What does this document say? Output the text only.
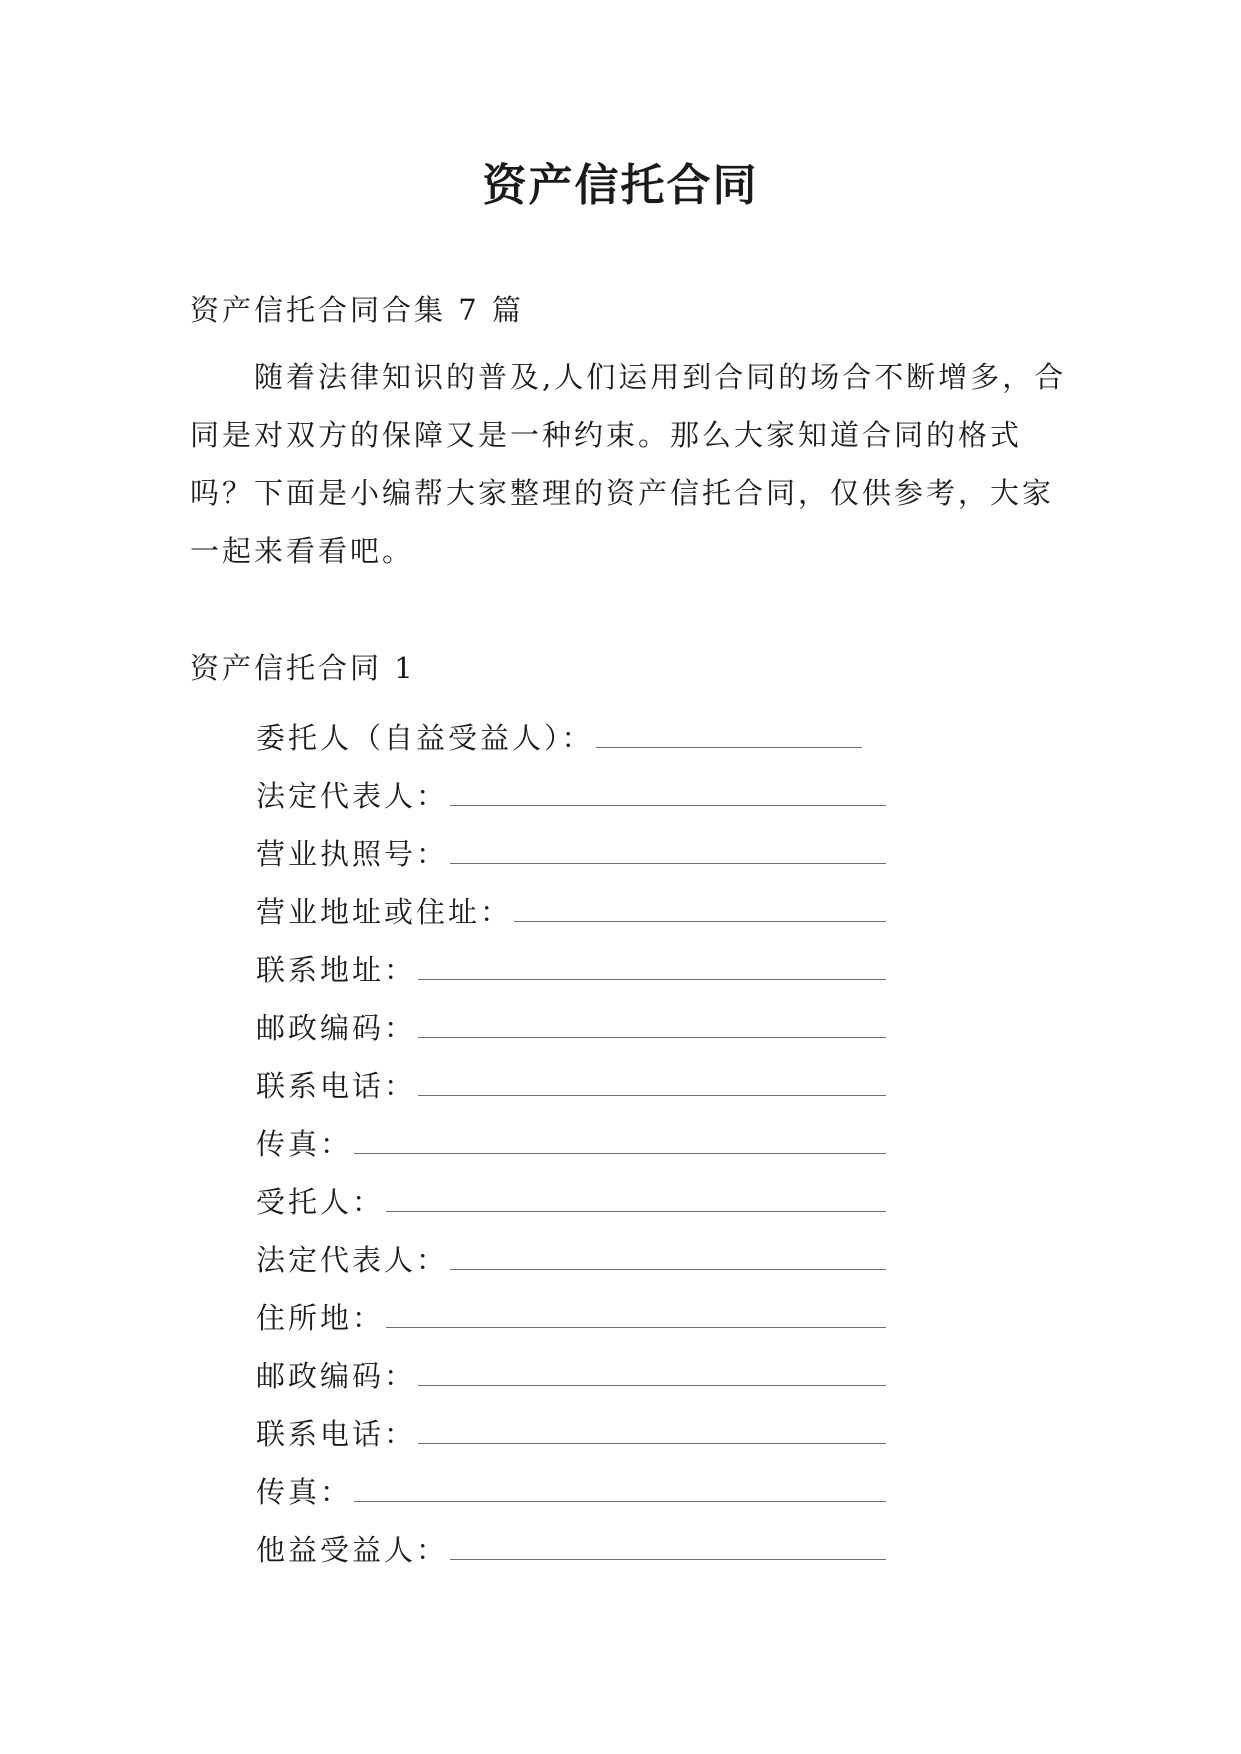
资产信托合同
资产信托合同合集 7 篇

随着法律知识的普及,人们运用到合同的场合不断增多，合同是对双方的保障又是一种约束。那么大家知道合同的格式吗？下面是小编帮大家整理的资产信托合同，仅供参考，大家一起来看看吧。

资产信托合同 1
委托人（自益受益人）：
法定代表人：
营业执照号：
营业地址或住址：
联系地址：
邮政编码：
联系电话：
传真：
受托人：
法定代表人：
住所地：
邮政编码：
联系电话：
传真：
他益受益人：
